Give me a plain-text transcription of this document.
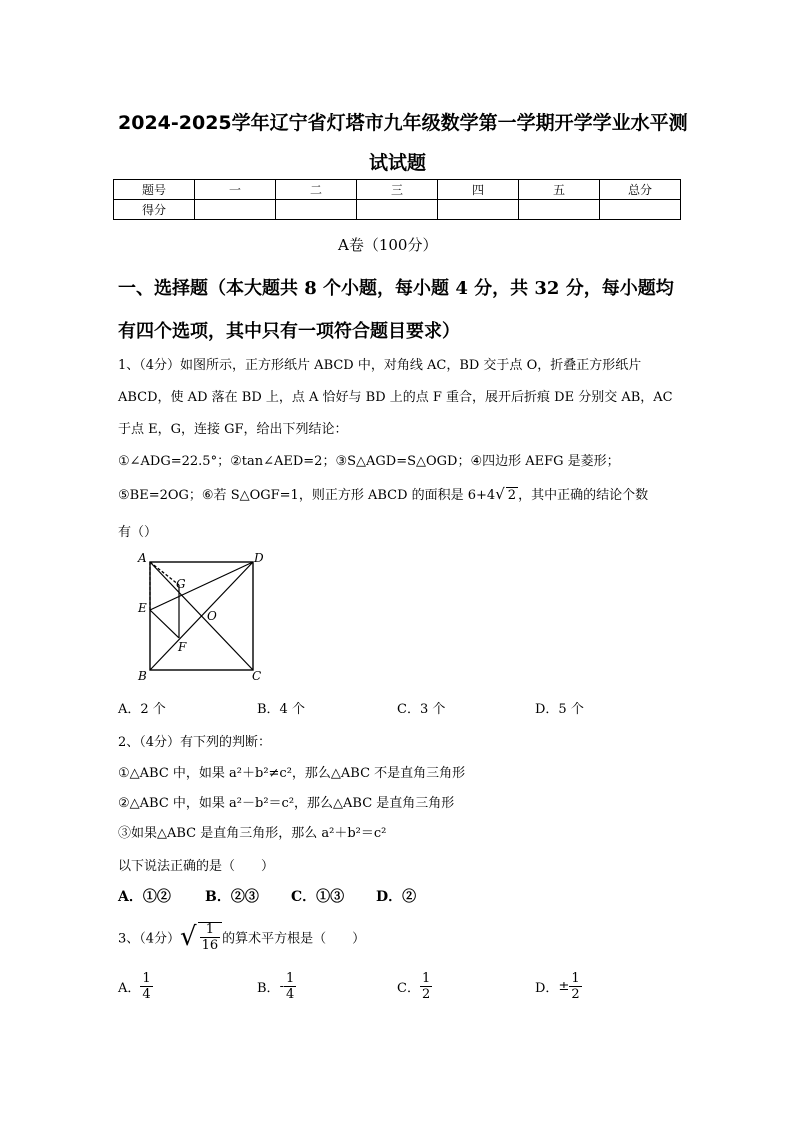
2024-2025学年辽宁省灯塔市九年级数学第一学期开学学业水平测
试试题
题号	一	二	三	四	五	总分
得分						
A卷（100分）
一、选择题（本大题共 8 个小题，每小题 4 分，共 32 分，每小题均
有四个选项，其中只有一项符合题目要求）
1、（4分）如图所示，正方形纸片 ABCD 中，对角线 AC，BD 交于点 O，折叠正方形纸片
ABCD，使 AD 落在 BD 上，点 A 恰好与 BD 上的点 F 重合，展开后折痕 DE 分别交 AB，AC
于点 E，G，连接 GF，给出下列结论：
①∠ADG=22.5°；②tan∠AED=2；③S△AGD=S△OGD；④四边形 AEFG 是菱形；
⑤BE=2OG；⑥若 S△OGF=1，则正方形 ABCD 的面积是 6+4√ 2 ，其中正确的结论个数
有（）
A	D
E
G
O
F
B	C
A．2 个	B．4 个	C．3 个	D．5 个
2、（4分）有下列的判断：
①△ABC 中，如果 a²＋b²≠c²，那么△ABC 不是直角三角形
②△ABC 中，如果 a²－b²＝c²，那么△ABC 是直角三角形
③如果△ABC 是直角三角形，那么 a²＋b²＝c²
以下说法正确的是（　　）
A．①② B．②③ C．①③ D．②
3、（4分）√ $\frac{1}{16}$ 的算术平方根是（　　）
A． $\frac{1}{4}$	B．- $\frac{1}{4}$	C． $\frac{1}{2}$	D．± $\frac{1}{2}$
